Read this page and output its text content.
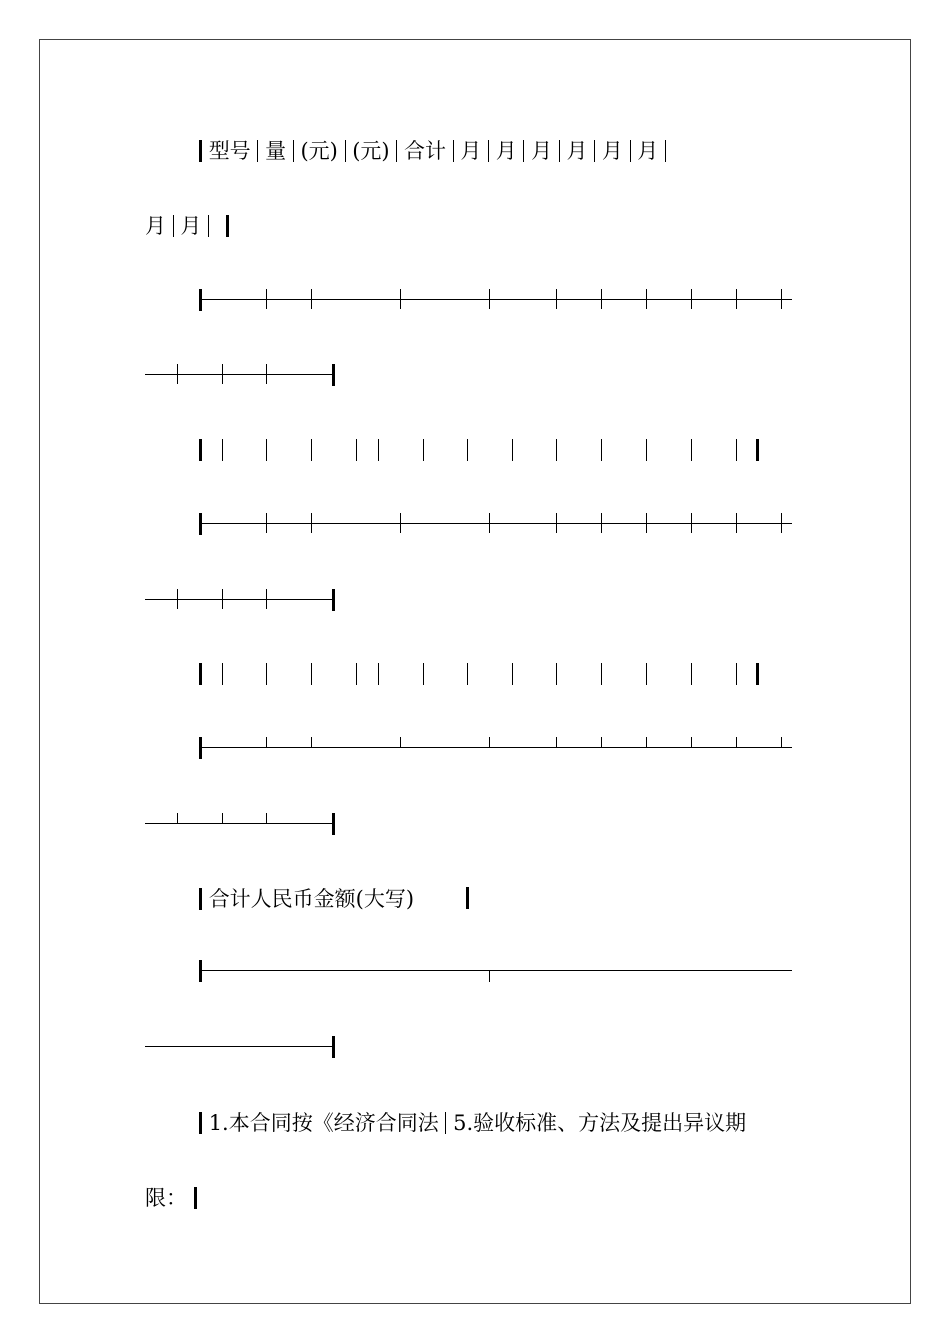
型号 量 (元) (元) 合计 月 月 月 月 月 月
月 月
合计人民币金额(大写)
1.本合同按《经济合同法 5.验收标准、方法及提出异议期
限：
